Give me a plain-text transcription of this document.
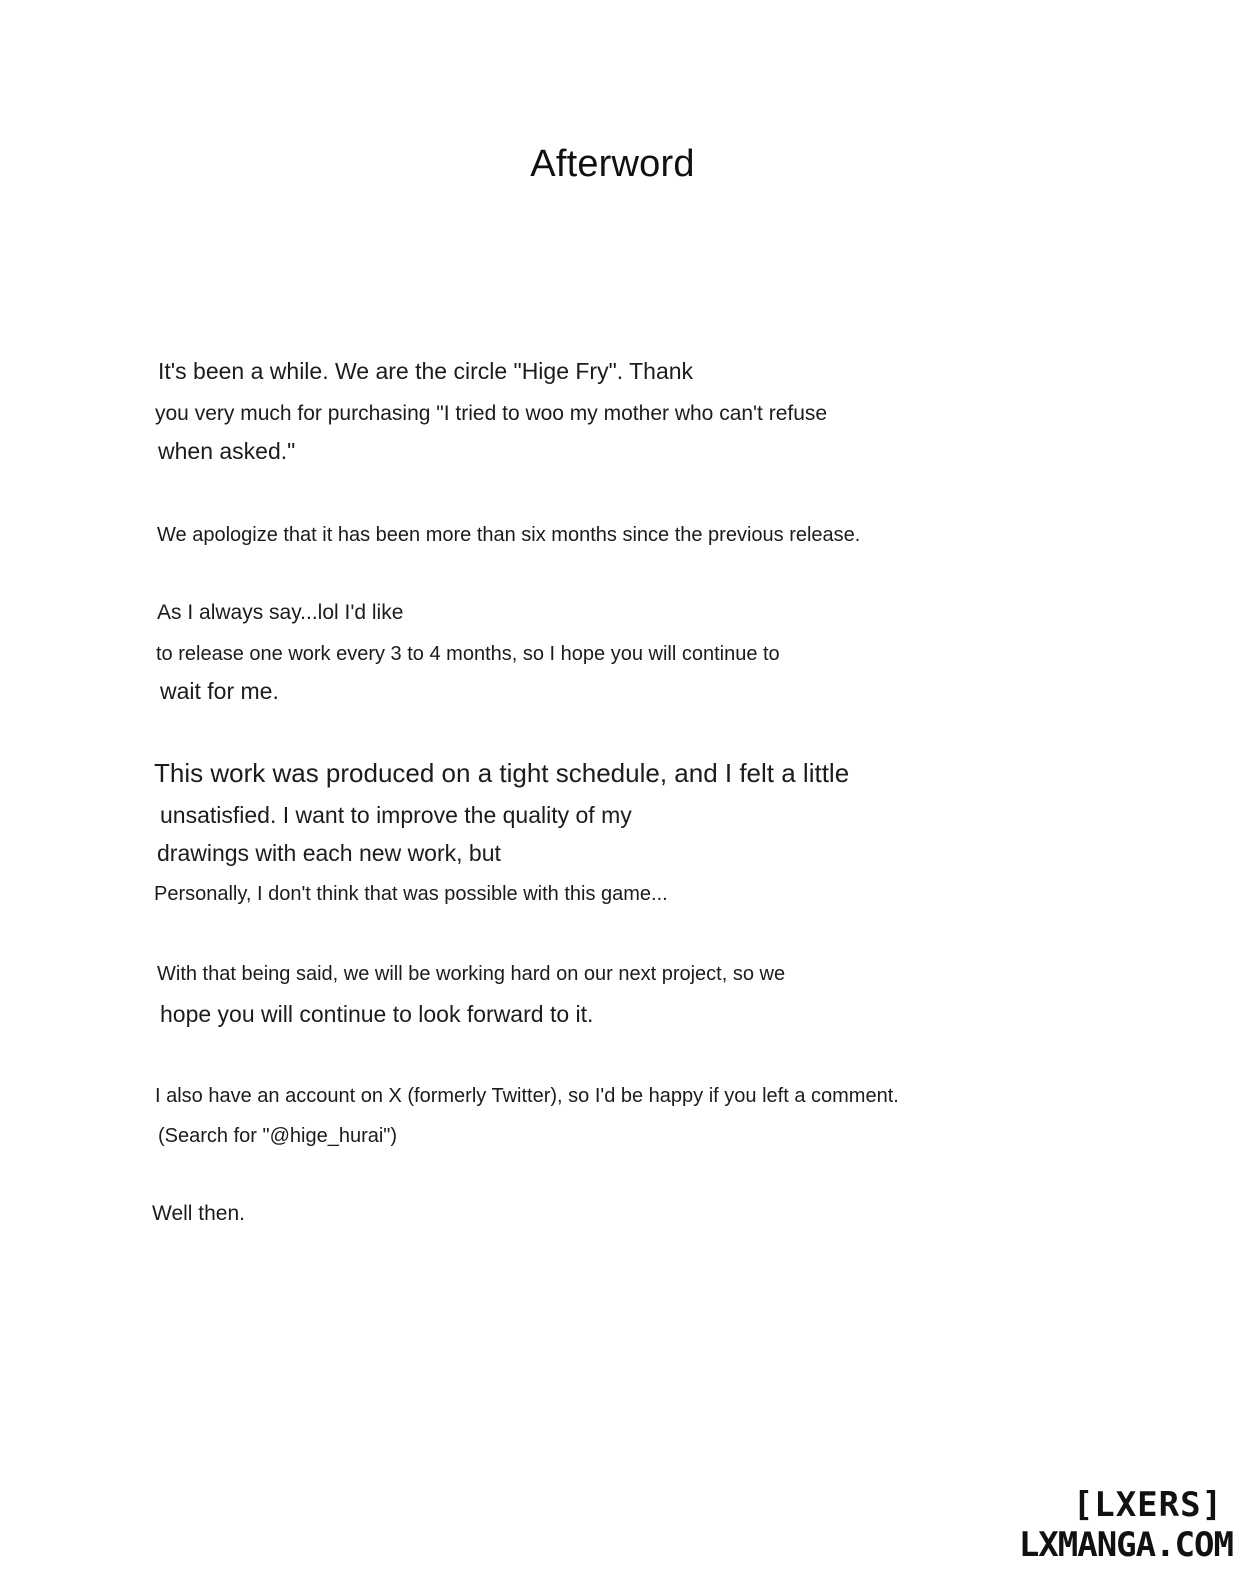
Afterword
It's been a while. We are the circle "Hige Fry". Thank
you very much for purchasing "I tried to woo my mother who can't refuse
when asked."
We apologize that it has been more than six months since the previous release.
As I always say...lol I'd like
to release one work every 3 to 4 months, so I hope you will continue to
wait for me.
This work was produced on a tight schedule, and I felt a little
unsatisfied. I want to improve the quality of my
drawings with each new work, but
Personally, I don't think that was possible with this game...
With that being said, we will be working hard on our next project, so we
hope you will continue to look forward to it.
I also have an account on X (formerly Twitter), so I'd be happy if you left a comment.
(Search for "@hige_hurai")
Well then.
[LXERS]
LXMANGA.COM
